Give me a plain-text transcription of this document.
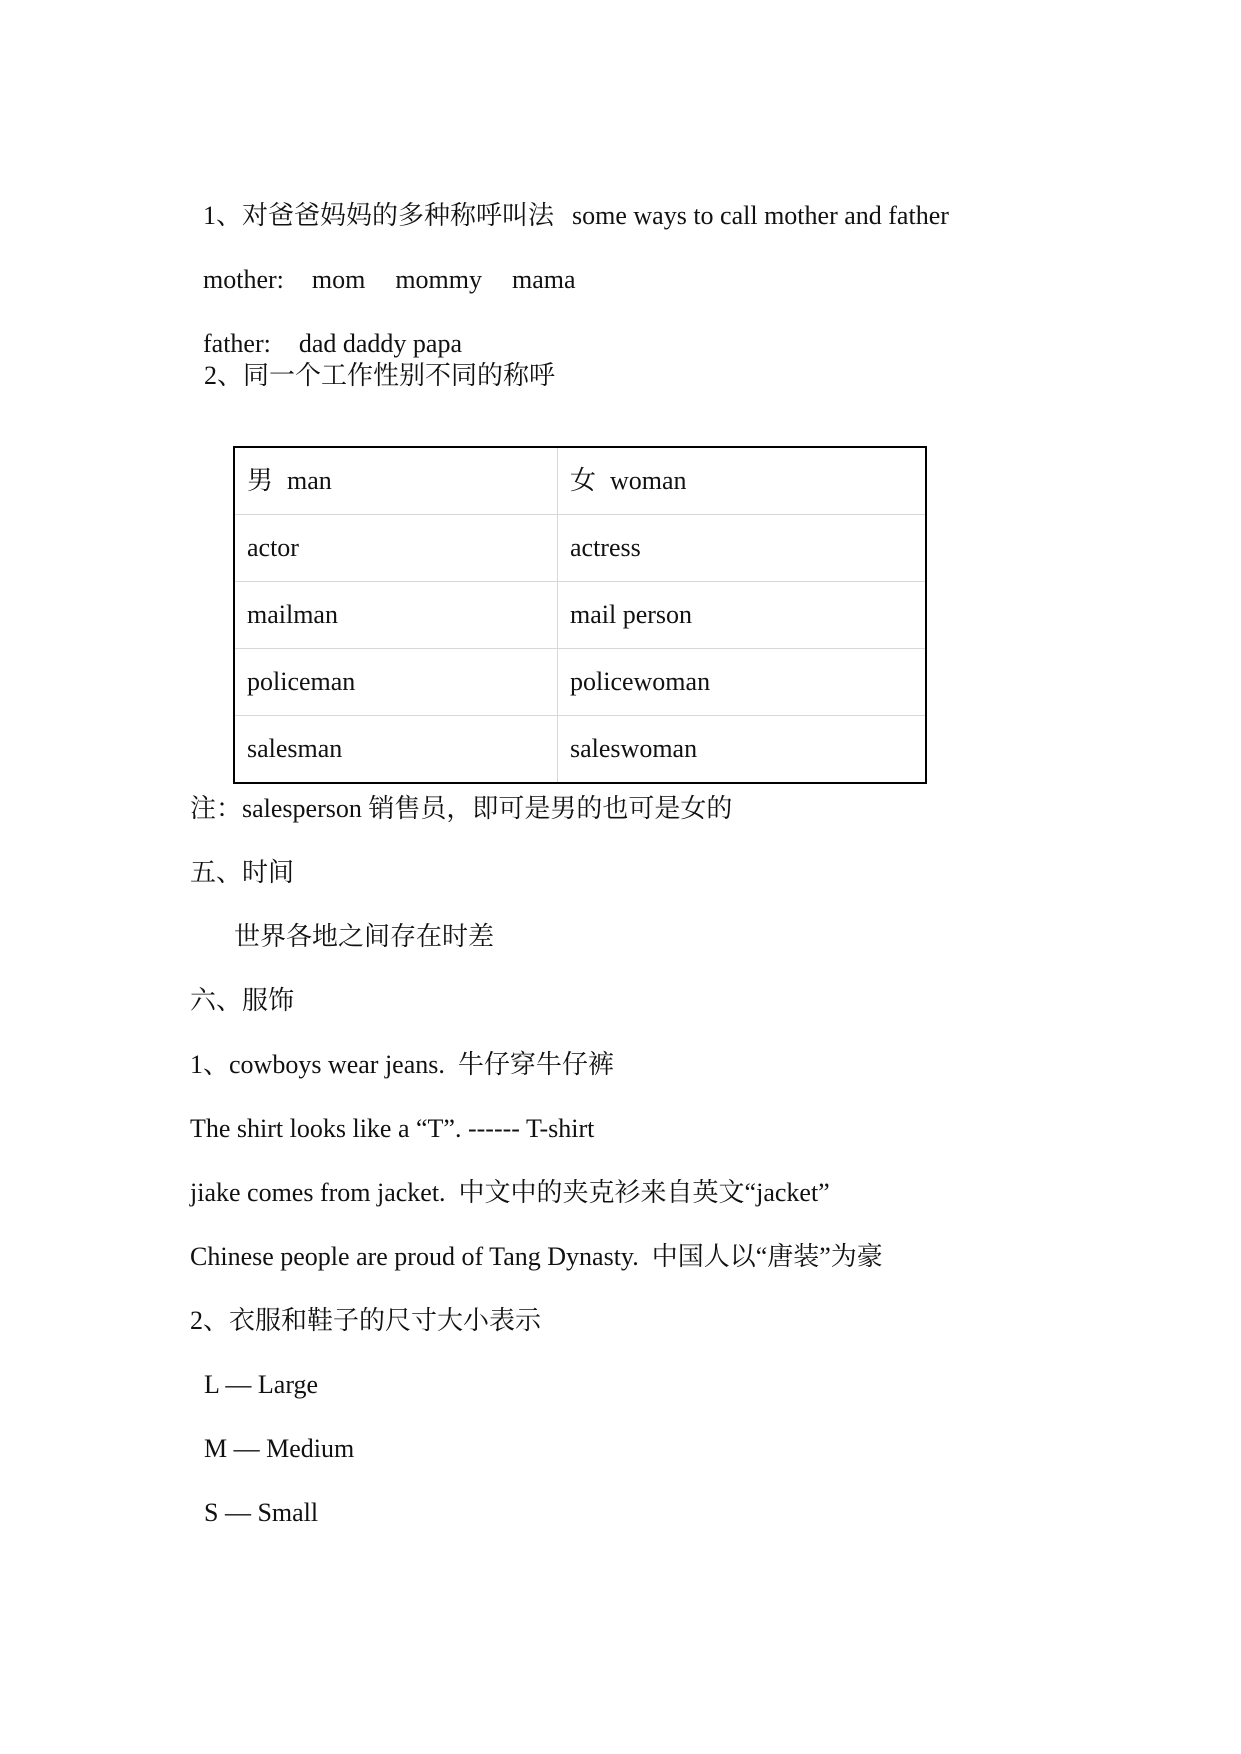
1、对爸爸妈妈的多种称呼叫法 some ways to call mother and father

mother: mom mommy mama

father: dad daddy papa

2、同一个工作性别不同的称呼
男 man	女 woman
actor	actress
mailman	mail person
policeman	policewoman
salesman	saleswoman
注：salesperson 销售员，即可是男的也可是女的
五、时间
世界各地之间存在时差
六、服饰
1、cowboys wear jeans.  牛仔穿牛仔裤
The shirt looks like a “T”. ------ T-shirt
jiake comes from jacket.  中文中的夹克衫来自英文“jacket”
Chinese people are proud of Tang Dynasty.  中国人以“唐装”为豪
2、衣服和鞋子的尺寸大小表示
L — Large
M — Medium
S — Small
